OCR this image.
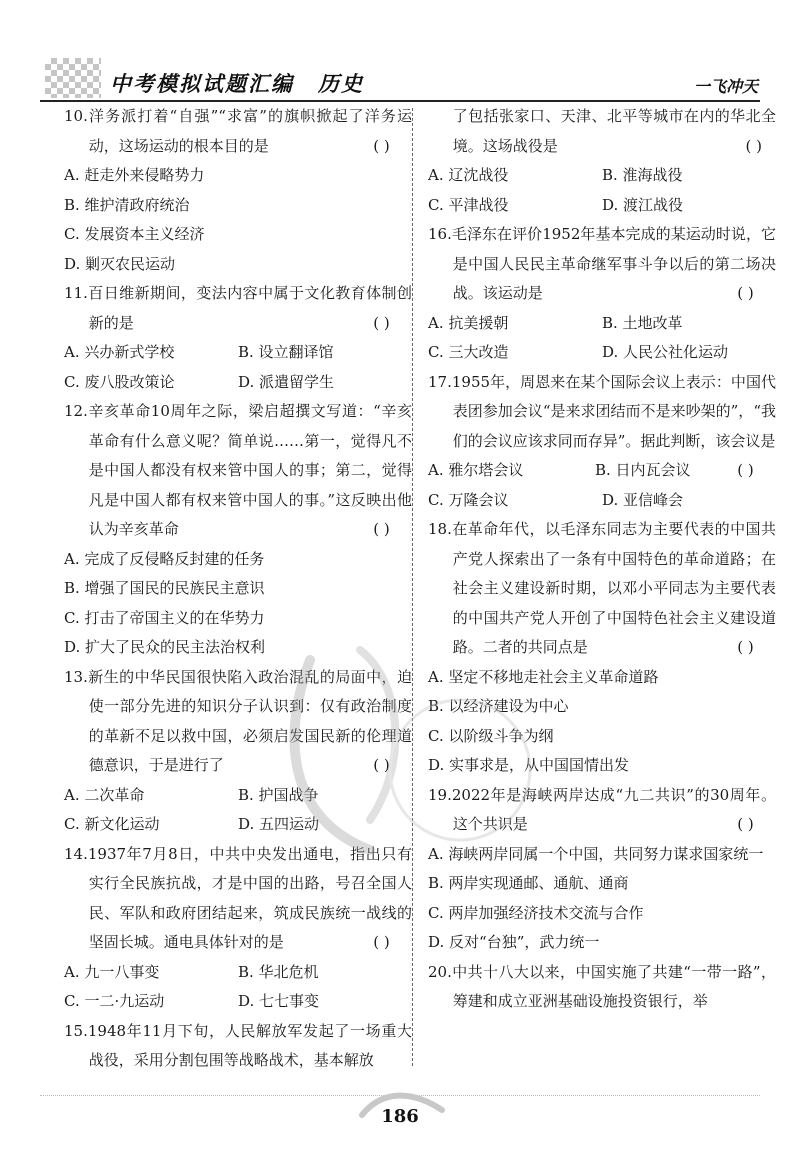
中考模拟试题汇编 历史	一飞冲天
10.洋务派打着“自强”“求富”的旗帜掀起了洋务运动，这场运动的根本目的是	( )
A. 赶走外来侵略势力
B. 维护清政府统治
C. 发展资本主义经济
D. 剿灭农民运动
11.百日维新期间，变法内容中属于文化教育体制创新的是	( )
A. 兴办新式学校	B. 设立翻译馆
C. 废八股改策论	D. 派遣留学生
12.辛亥革命10周年之际，梁启超撰文写道：“辛亥革命有什么意义呢？简单说……第一，觉得凡不是中国人都没有权来管中国人的事；第二，觉得凡是中国人都有权来管中国人的事。”这反映出他认为辛亥革命	( )
A. 完成了反侵略反封建的任务
B. 增强了国民的民族民主意识
C. 打击了帝国主义的在华势力
D. 扩大了民众的民主法治权利
13.新生的中华民国很快陷入政治混乱的局面中，迫使一部分先进的知识分子认识到：仅有政治制度的革新不足以救中国，必须启发国民新的伦理道德意识，于是进行了	( )
A. 二次革命	B. 护国战争
C. 新文化运动	D. 五四运动
14.1937年7月8日，中共中央发出通电，指出只有实行全民族抗战，才是中国的出路，号召全国人民、军队和政府团结起来，筑成民族统一战线的坚固长城。通电具体针对的是	( )
A. 九一八事变	B. 华北危机
C. 一二·九运动	D. 七七事变
15.1948年11月下旬，人民解放军发起了一场重大战役，采用分割包围等战略战术，基本解放
了包括张家口、天津、北平等城市在内的华北全境。这场战役是	( )
A. 辽沈战役	B. 淮海战役
C. 平津战役	D. 渡江战役
16.毛泽东在评价1952年基本完成的某运动时说，它是中国人民民主革命继军事斗争以后的第二场决战。该运动是	( )
A. 抗美援朝	B. 土地改革
C. 三大改造	D. 人民公社化运动
17.1955年，周恩来在某个国际会议上表示：中国代表团参加会议“是来求团结而不是来吵架的”，“我们的会议应该求同而存异”。据此判断，该会议是
( )
A. 雅尔塔会议	B. 日内瓦会议
C. 万隆会议	D. 亚信峰会
18.在革命年代，以毛泽东同志为主要代表的中国共产党人探索出了一条有中国特色的革命道路；在社会主义建设新时期，以邓小平同志为主要代表的中国共产党人开创了中国特色社会主义建设道路。二者的共同点是	( )
A. 坚定不移地走社会主义革命道路
B. 以经济建设为中心
C. 以阶级斗争为纲
D. 实事求是，从中国国情出发
19.2022年是海峡两岸达成“九二共识”的30周年。这个共识是	( )
A. 海峡两岸同属一个中国，共同努力谋求国家统一
B. 两岸实现通邮、通航、通商
C. 两岸加强经济技术交流与合作
D. 反对“台独”，武力统一
20.中共十八大以来，中国实施了共建“一带一路”，筹建和成立亚洲基础设施投资银行，举
186
